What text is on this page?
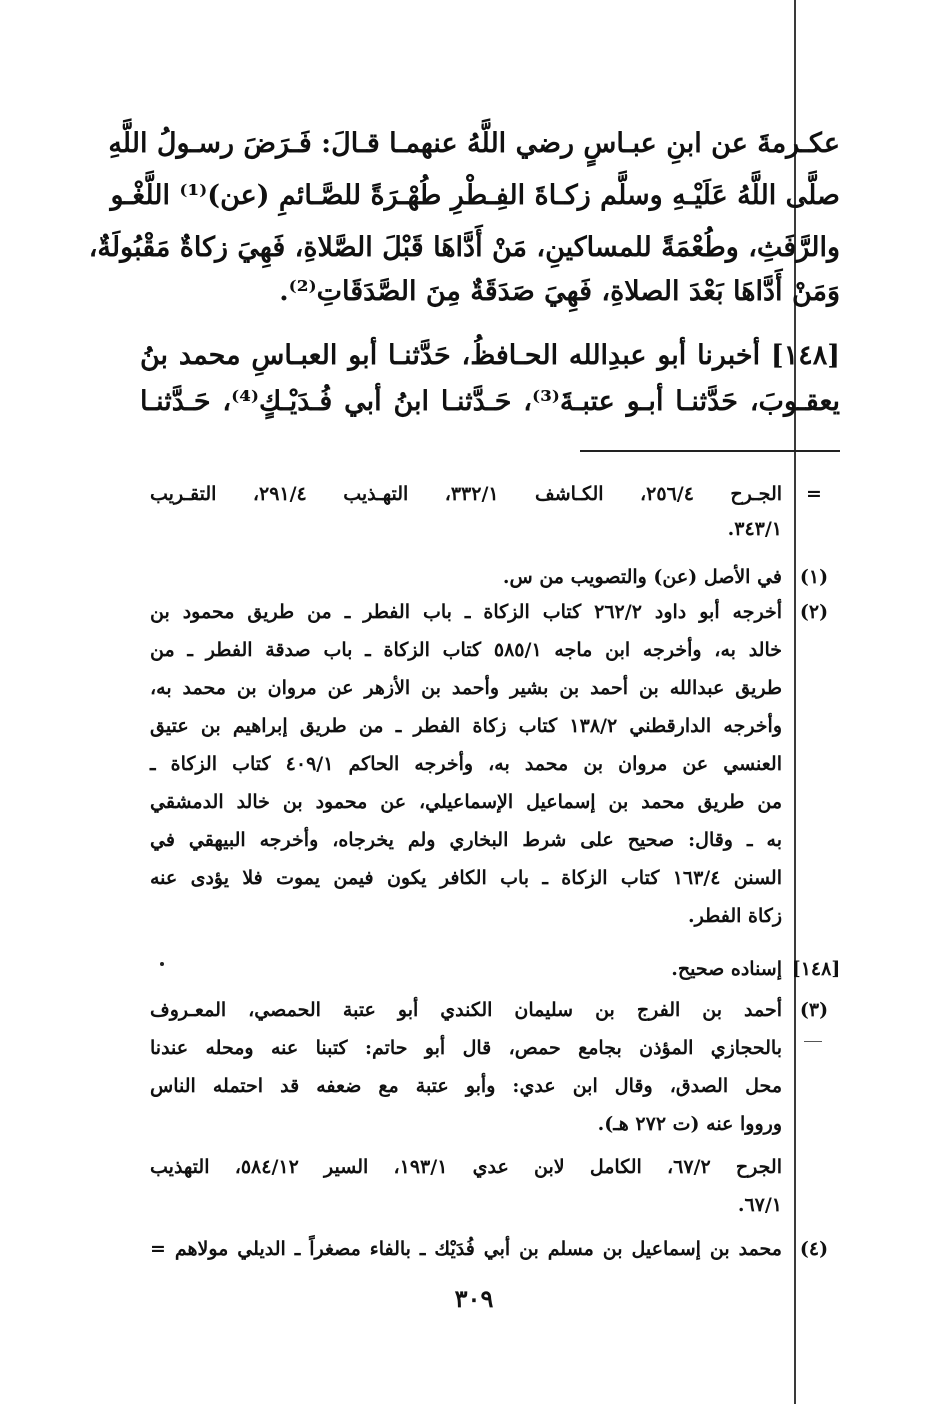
عكـرمةَ عن ابنِ عبـاسٍ رضي اللَّهُ عنهمـا قـالَ: فَـرَضَ رسـولُ اللَّهِ
صلَّى اللَّهُ عَلَيْـهِ وسلَّم زكـاةَ الفِـطْرِ طُهْـرَةً للصَّـائمِ (عن)⁽¹⁾ اللَّغْـو
والرَّفَثِ، وطُعْمَةً للمساكينِ، مَنْ أَدَّاهَا قَبْلَ الصَّلاةِ، فَهِيَ زكاةٌ مَقْبُولَةٌ،
وَمَنْ أَدَّاهَا بَعْدَ الصلاةِ، فَهِيَ صَدَقَةٌ مِنَ الصَّدَقَاتِ⁽²⁾.
[١٤٨] أخبرنا أبو عبدِالله الحـافظُ، حَدَّثنـا أبو العبـاسِ محمد بنُ
يعقـوبَ، حَدَّثنـا أبـو عتبـةَ⁽³⁾، حَـدَّثنـا ابنُ أبي فُـدَيْـكٍ⁽⁴⁾، حَـدَّثنـا
=
الجـرح ٢٥٦/٤، الكـاشف ٣٣٢/١، التهـذيب ٢٩١/٤، التقـريب
٣٤٣/١.
(١)
في الأصل (عن) والتصويب من س.
(٢)
أخرجه أبو داود ٢٦٢/٢ كتاب الزكاة ـ باب الفطر ـ من طريق محمود بن
خالد به، وأخرجه ابن ماجه ٥٨٥/١ كتاب الزكاة ـ باب صدقة الفطر ـ من
طريق عبدالله بن أحمد بن بشير وأحمد بن الأزهر عن مروان بن محمد به،
وأخرجه الدارقطني ١٣٨/٢ كتاب زكاة الفطر ـ من طريق إبراهيم بن عتيق
العنسي عن مروان بن محمد به، وأخرجه الحاكم ٤٠٩/١ كتاب الزكاة ـ
من طريق محمد بن إسماعيل الإسماعيلي، عن محمود بن خالد الدمشقي
به ـ وقال: صحيح على شرط البخاري ولم يخرجاه، وأخرجه البيهقي في
السنن ١٦٣/٤ كتاب الزكاة ـ باب الكافر يكون فيمن يموت فلا يؤدى عنه
زكاة الفطر.
[١٤٨]
إسناده صحيح.
(٣)
أحمد بن الفرج بن سليمان الكندي أبو عتبة الحمصي، المعـروف
بالحجازي المؤذن بجامع حمص، قال أبو حاتم: كتبنا عنه ومحله عندنا
محل الصدق، وقال ابن عدي: وأبو عتبة مع ضعفه قد احتمله الناس
ورووا عنه (ت ٢٧٢ هـ).
الجرح ٦٧/٢، الكامل لابن عدي ١٩٣/١، السير ٥٨٤/١٢، التهذيب
٦٧/١.
(٤)
محمد بن إسماعيل بن مسلم بن أبي فُدَيْك ـ بالفاء مصغراً ـ الديلي مولاهم =
٣٠٩
